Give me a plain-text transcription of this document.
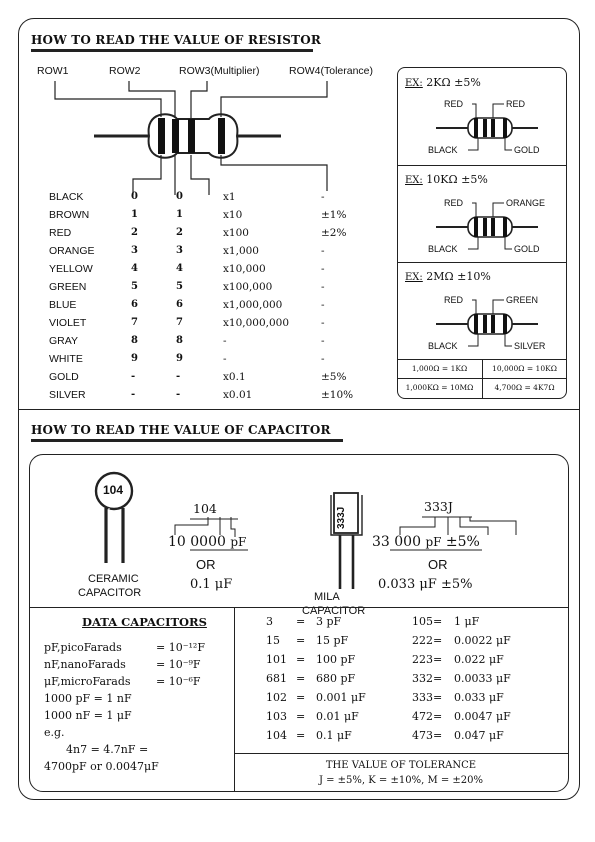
HOW TO READ THE VALUE OF RESISTOR
ROW1	ROW2	ROW3(Multiplier)	ROW4(Tolerance)
BLACK	0	0	x1	-
BROWN	1	1	x10	±1%
RED	2	2	x100	±2%
ORANGE	3	3	x1,000	-
YELLOW	4	4	x10,000	-
GREEN	5	5	x100,000	-
BLUE	6	6	x1,000,000	-
VIOLET	7	7	x10,000,000	-
GRAY	8	8	-	-
WHITE	9	9	-	-
GOLD	-	-	x0.1	±5%
SILVER	-	-	x0.01	±10%
EX: 2KΩ ±5%
RED	RED
BLACK	GOLD
EX: 10KΩ ±5%
RED	ORANGE
BLACK	GOLD
EX: 2MΩ ±10%
RED	GREEN
BLACK	SILVER
1,000Ω = 1KΩ	10,000Ω = 10KΩ
1,000KΩ = 10MΩ	4,700Ω = 4K7Ω
HOW TO READ THE VALUE OF CAPACITOR
104
104
10 0000 pF
OR
0.1 μF
CERAMIC
CAPACITOR
333J
333J
33 000 pF ±5%
OR
0.033 μF ±5%
MILA
CAPACITOR
DATA CAPACITORS
pF,picoFarads	= 10⁻¹²F
nF,nanoFarads	= 10⁻⁹F
μF,microFarads = 10⁻⁶F
1000 pF = 1 nF
1000 nF = 1 μF
e.g.
4n7 = 4.7nF =
4700pF or 0.0047μF
3 = 3 pF
15 = 15 pF
101 = 100 pF
681 = 680 pF
102 = 0.001 μF
103 = 0.01 μF
104 = 0.1 μF
105= 1 μF
222= 0.0022 μF
223= 0.022 μF
332= 0.0033 μF
333= 0.033 μF
472= 0.0047 μF
473= 0.047 μF
THE VALUE OF TOLERANCE
J = ±5%, K = ±10%, M = ±20%
